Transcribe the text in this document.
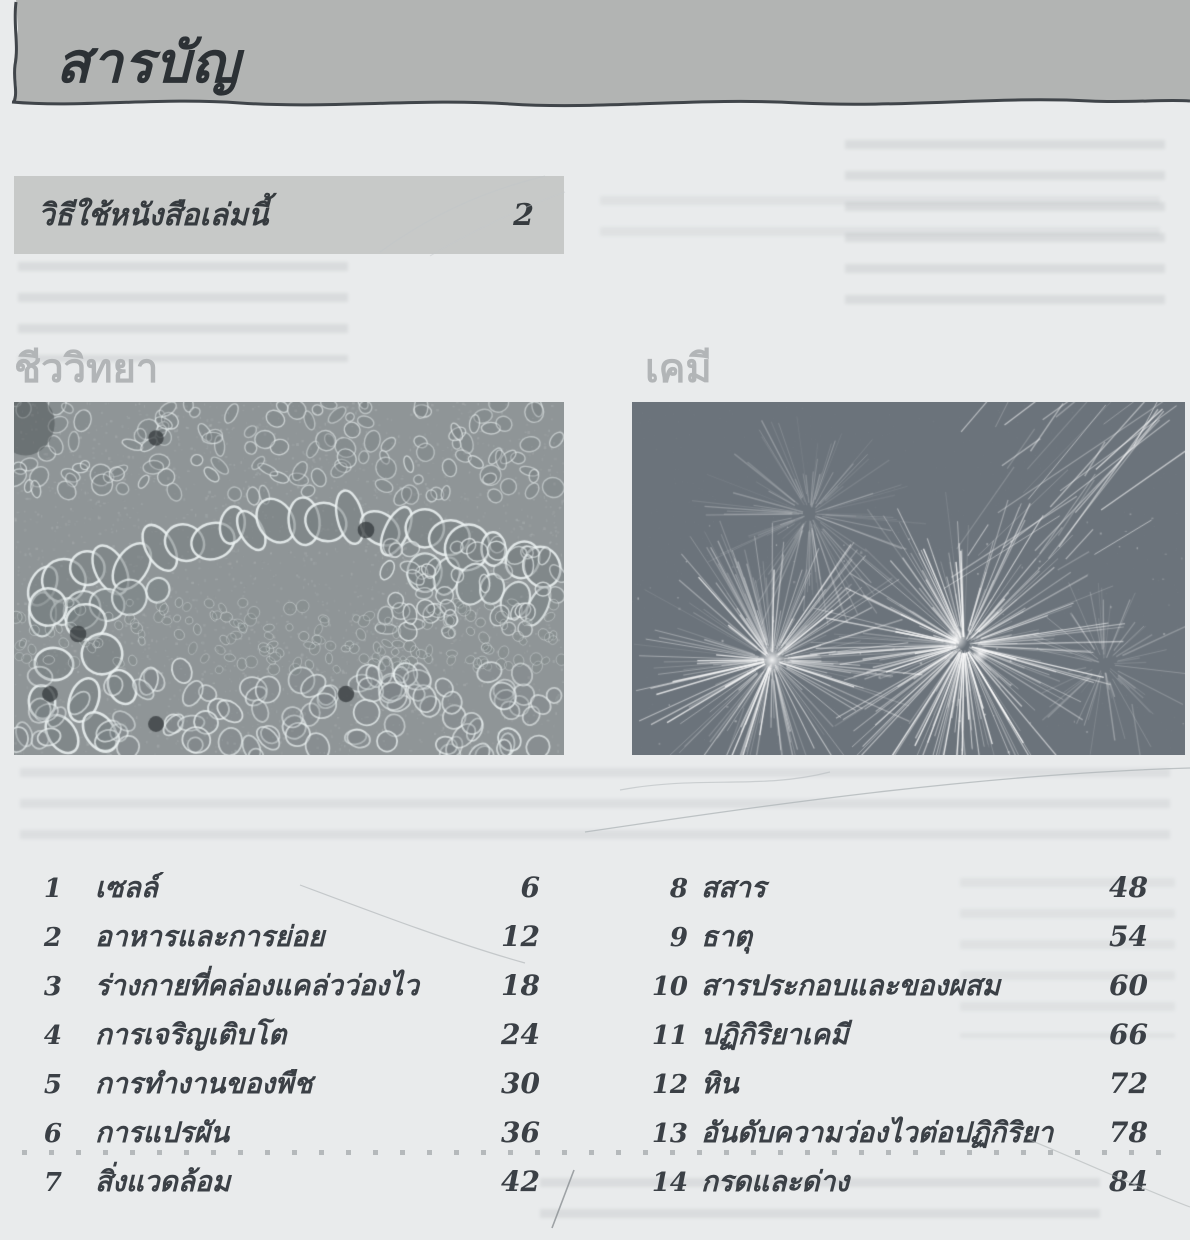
สารบัญ
วิธีใช้หนังสือเล่มนี้	2
ชีววิทยา	เคมี
1 เซลล์	6
2 อาหารและการย่อย	12
3 ร่างกายที่คล่องแคล่วว่องไว	18
4 การเจริญเติบโต	24
5 การทำงานของพืช	30
6 การแปรผัน	36
7 สิ่งแวดล้อม	42
8 สสาร	48
9 ธาตุ	54
10 สารประกอบและของผสม	60
11 ปฏิกิริยาเคมี	66
12 หิน	72
13 อันดับความว่องไวต่อปฏิกิริยา	78
14 กรดและด่าง	84
